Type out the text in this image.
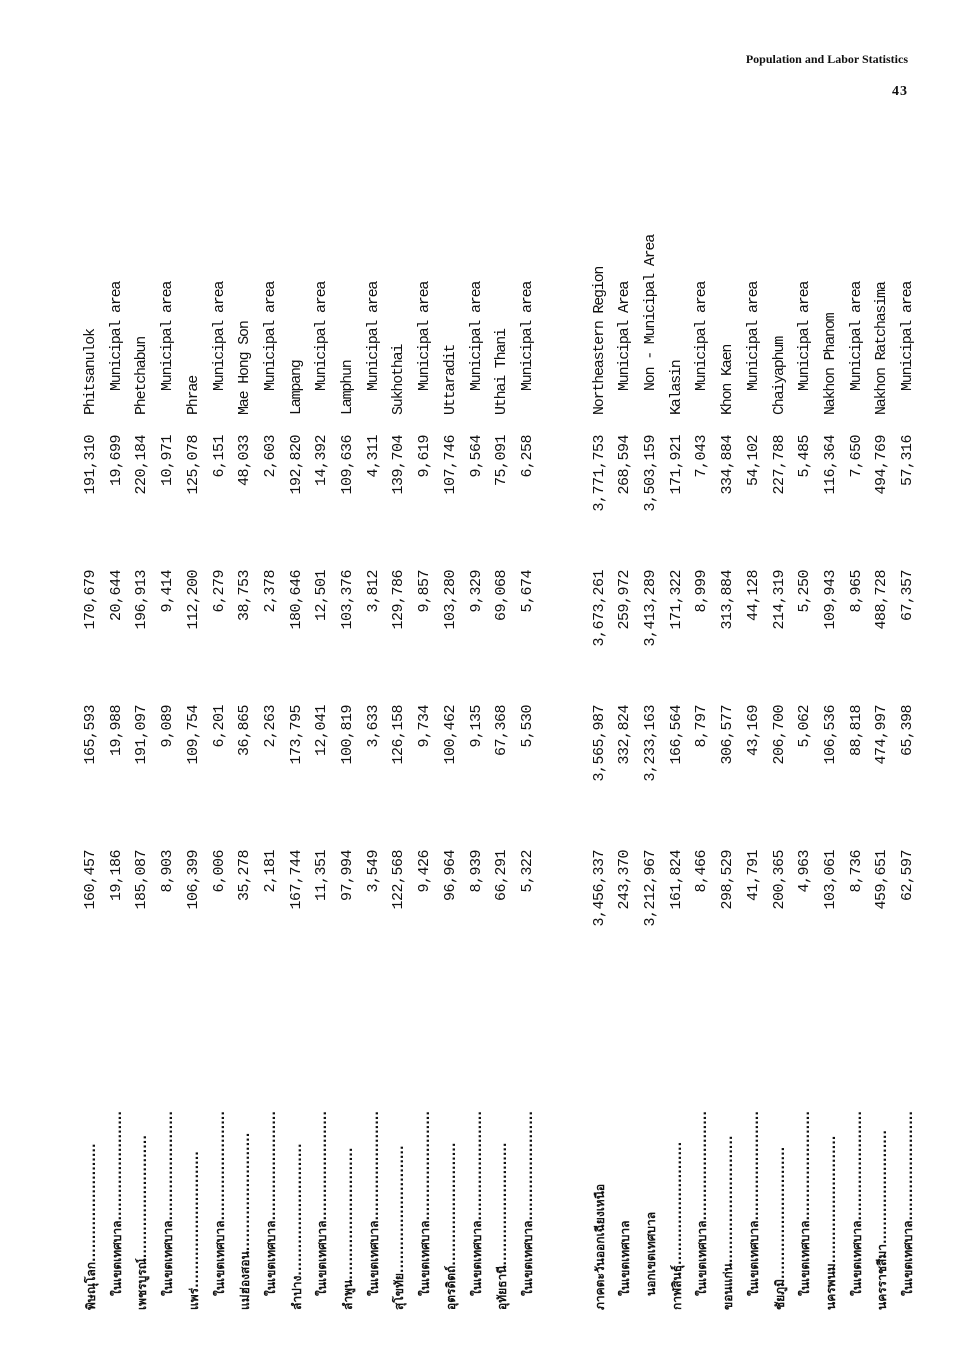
Population and Labor Statistics
43
พิษณุโลก..........................
160,457
165,593
170,679
191,310
Phitsanulok
ในเขตเทศบาล........................
19,186
19,988
20,644
19,699
Municipal area
เพชรบูรณ์...........................
185,087
191,097
196,913
220,184
Phetchabun
ในเขตเทศบาล........................
8,903
9,089
9,414
10,971
Municipal area
แพร่..............................
106,399
109,754
112,200
125,078
Phrae
ในเขตเทศบาล........................
6,006
6,201
6,279
6,151
Municipal area
แม่ฮ่องสอน..........................
35,278
36,865
38,753
48,033
Mae Hong Son
ในเขตเทศบาล........................
2,181
2,263
2,378
2,603
Municipal area
ลำปาง.............................
167,744
173,795
180,646
192,820
Lampang
ในเขตเทศบาล........................
11,351
12,041
12,501
14,392
Municipal area
ลำพูน.............................
97,994
100,819
103,376
109,636
Lamphun
ในเขตเทศบาล........................
3,549
3,633
3,812
4,311
Municipal area
สุโขทัย............................
122,568
126,158
129,786
139,704
Sukhothai
ในเขตเทศบาล........................
9,426
9,734
9,857
9,619
Municipal area
อุตรดิตถ์...........................
96,964
100,462
103,280
107,746
Uttaradit
ในเขตเทศบาล........................
8,939
9,135
9,329
9,564
Municipal area
อุทัยธานี...........................
66,291
67,368
69,068
75,091
Uthai Thani
ในเขตเทศบาล........................
5,322
5,530
5,674
6,258
Municipal area
ภาคตะวันออกเฉียงเหนือ
3,456,337
3,565,987
3,673,261
3,771,753
Northeastern Region
ในเขตเทศบาล
243,370
332,824
259,972
268,594
Municipal Area
นอกเขตเทศบาล
3,212,967
3,233,163
3,413,289
3,503,159
Non - Municipal Area
กาฬสินธุ์...........................
161,824
166,564
171,322
171,921
Kalasin
ในเขตเทศบาล........................
8,466
8,797
8,999
7,043
Municipal area
ขอนแก่น............................
298,529
306,577
313,884
334,884
Khon Kaen
ในเขตเทศบาล........................
41,791
43,169
44,128
54,102
Municipal area
ชัยภูมิ.............................
200,365
206,700
214,319
227,788
Chaiyaphum
ในเขตเทศบาล........................
4,963
5,062
5,250
5,485
Municipal area
นครพนม............................
103,061
106,536
109,943
116,364
Nakhon Phanom
ในเขตเทศบาล........................
8,736
88,818
8,965
7,650
Municipal area
นครราชสีมา.........................
459,651
474,997
488,728
494,769
Nakhon Ratchasima
ในเขตเทศบาล........................
62,597
65,398
67,357
57,316
Municipal area
